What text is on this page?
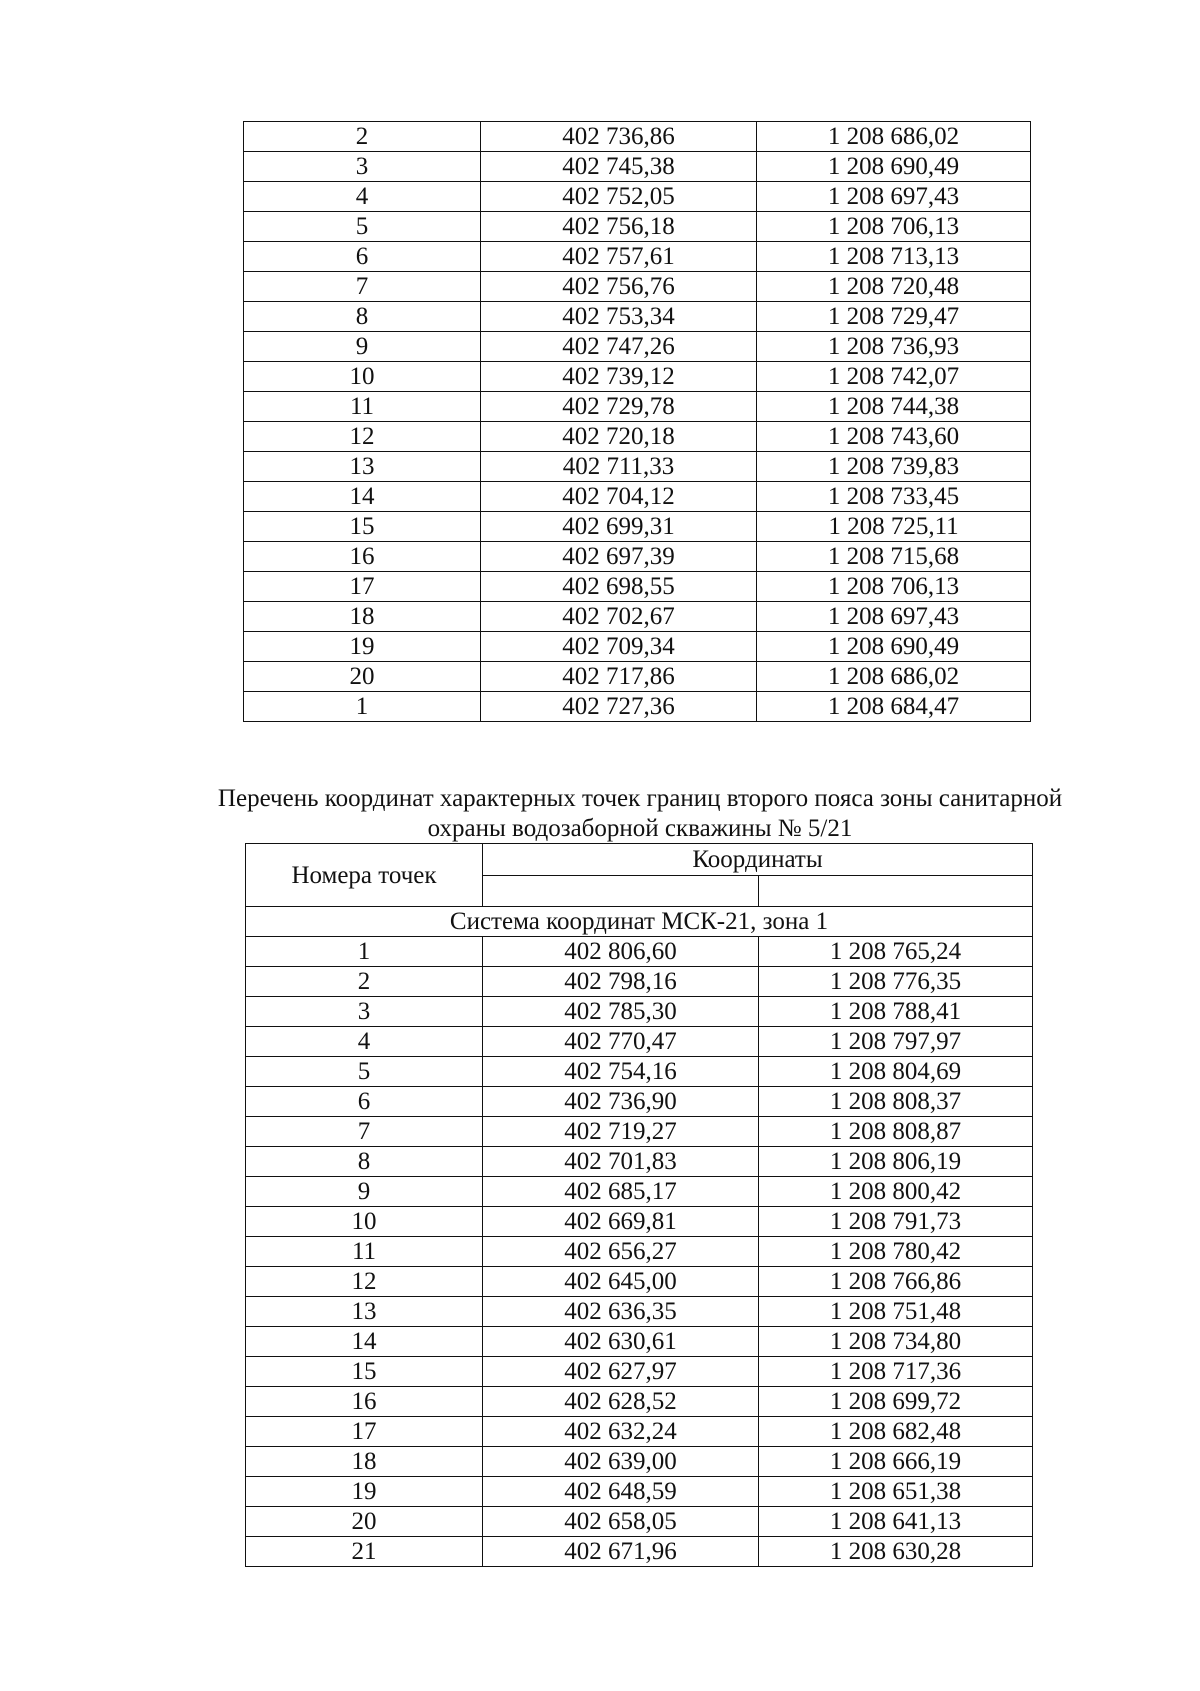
2	402 736,86	1 208 686,02
3	402 745,38	1 208 690,49
4	402 752,05	1 208 697,43
5	402 756,18	1 208 706,13
6	402 757,61	1 208 713,13
7	402 756,76	1 208 720,48
8	402 753,34	1 208 729,47
9	402 747,26	1 208 736,93
10	402 739,12	1 208 742,07
11	402 729,78	1 208 744,38
12	402 720,18	1 208 743,60
13	402 711,33	1 208 739,83
14	402 704,12	1 208 733,45
15	402 699,31	1 208 725,11
16	402 697,39	1 208 715,68
17	402 698,55	1 208 706,13
18	402 702,67	1 208 697,43
19	402 709,34	1 208 690,49
20	402 717,86	1 208 686,02
1	402 727,36	1 208 684,47
Перечень координат характерных точек границ второго пояса зоны санитарной
охраны водозаборной скважины № 5/21
Номера точек	Координаты	

Система координат МСК-21, зона 1		
1	402 806,60	1 208 765,24
2	402 798,16	1 208 776,35
3	402 785,30	1 208 788,41
4	402 770,47	1 208 797,97
5	402 754,16	1 208 804,69
6	402 736,90	1 208 808,37
7	402 719,27	1 208 808,87
8	402 701,83	1 208 806,19
9	402 685,17	1 208 800,42
10	402 669,81	1 208 791,73
11	402 656,27	1 208 780,42
12	402 645,00	1 208 766,86
13	402 636,35	1 208 751,48
14	402 630,61	1 208 734,80
15	402 627,97	1 208 717,36
16	402 628,52	1 208 699,72
17	402 632,24	1 208 682,48
18	402 639,00	1 208 666,19
19	402 648,59	1 208 651,38
20	402 658,05	1 208 641,13
21	402 671,96	1 208 630,28
